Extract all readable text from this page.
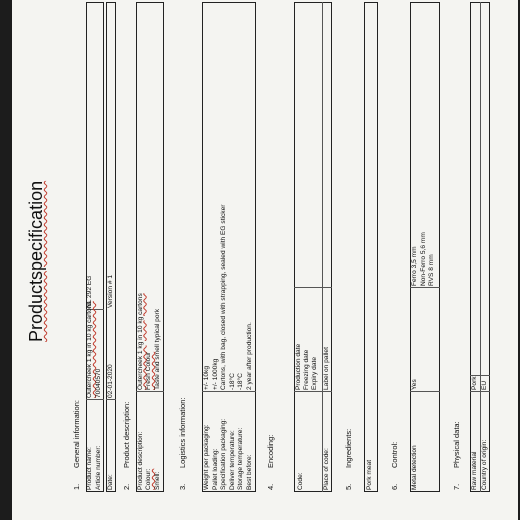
Productspecification
1.General information:
Product name:
Outercheek 1 kg in 10 kg cartons
NL 292 EG
Article number:
70040570
Date:
02-01-2020
Version # 1
2.Product description: Product description:
Outercheek 1 kg in 10 kg cartons
Colour:
Fresh Colour
Smell:
Taste and smell typical pork
3.Logistics information: Weight per packaging:
+/- 10kg
Pallet loading:
+/- 1000kg
Specification packaging:
Cartons, with bag, closed with strapping, sealed with EG sticker
Deliver temperature:
-18°C
Storage temperature:
-18°C
Best before:
2 year after production.
4.Encoding:
Code:
Production date Freezing date Expiry date
Place of code:
Label on pallet
5.Ingredients:
Pork meat 6.Control: Metal detection
Yes
Ferro 3,5 mm Non-Ferro 5,6 mm RVS 8 mm
7.Physical data:
Raw material
Pork
Country of origin:
EU
